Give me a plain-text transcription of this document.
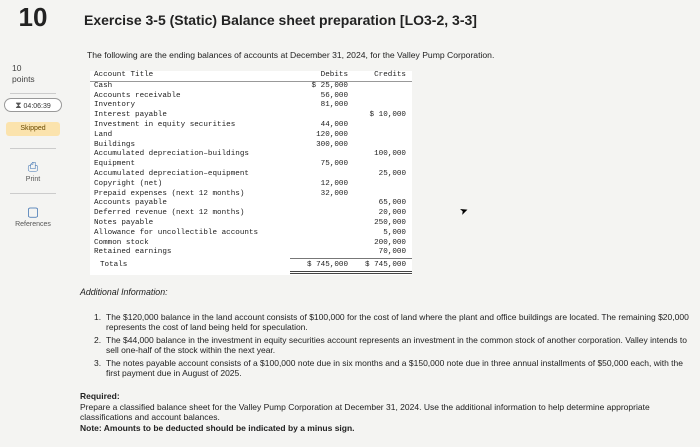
10	Exercise 3-5 (Static) Balance sheet preparation [LO3-2, 3-3]
10
points
⧗ 04:06:39
Skipped
⎙
Print
▢
References
The following are the ending balances of accounts at December 31, 2024, for the Valley Pump Corporation.
Account Title	Debits	Credits
Cash	$ 25,000	
Accounts receivable	56,000	
Inventory	81,000	
Interest payable		$ 10,000
Investment in equity securities	44,000	
Land	120,000	
Buildings	300,000	
Accumulated depreciation–buildings		100,000
Equipment	75,000	
Accumulated depreciation–equipment		25,000
Copyright (net)	12,000	
Prepaid expenses (next 12 months)	32,000	
Accounts payable		65,000
Deferred revenue (next 12 months)		20,000
Notes payable		250,000
Allowance for uncollectible accounts		5,000
Common stock		200,000
Retained earnings		70,000
Totals	$ 745,000	$ 745,000
➤
Additional Information:
1. The $120,000 balance in the land account consists of $100,000 for the cost of land where the plant and office buildings are located. The remaining $20,000 represents the cost of land being held for speculation.
2. The $44,000 balance in the investment in equity securities account represents an investment in the common stock of another corporation. Valley intends to sell one-half of the stock within the next year.
3. The notes payable account consists of a $100,000 note due in six months and a $150,000 note due in three annual installments of $50,000 each, with the first payment due in August of 2025.
Required:
Prepare a classified balance sheet for the Valley Pump Corporation at December 31, 2024. Use the additional information to help determine appropriate classifications and account balances.
Note: Amounts to be deducted should be indicated by a minus sign.
